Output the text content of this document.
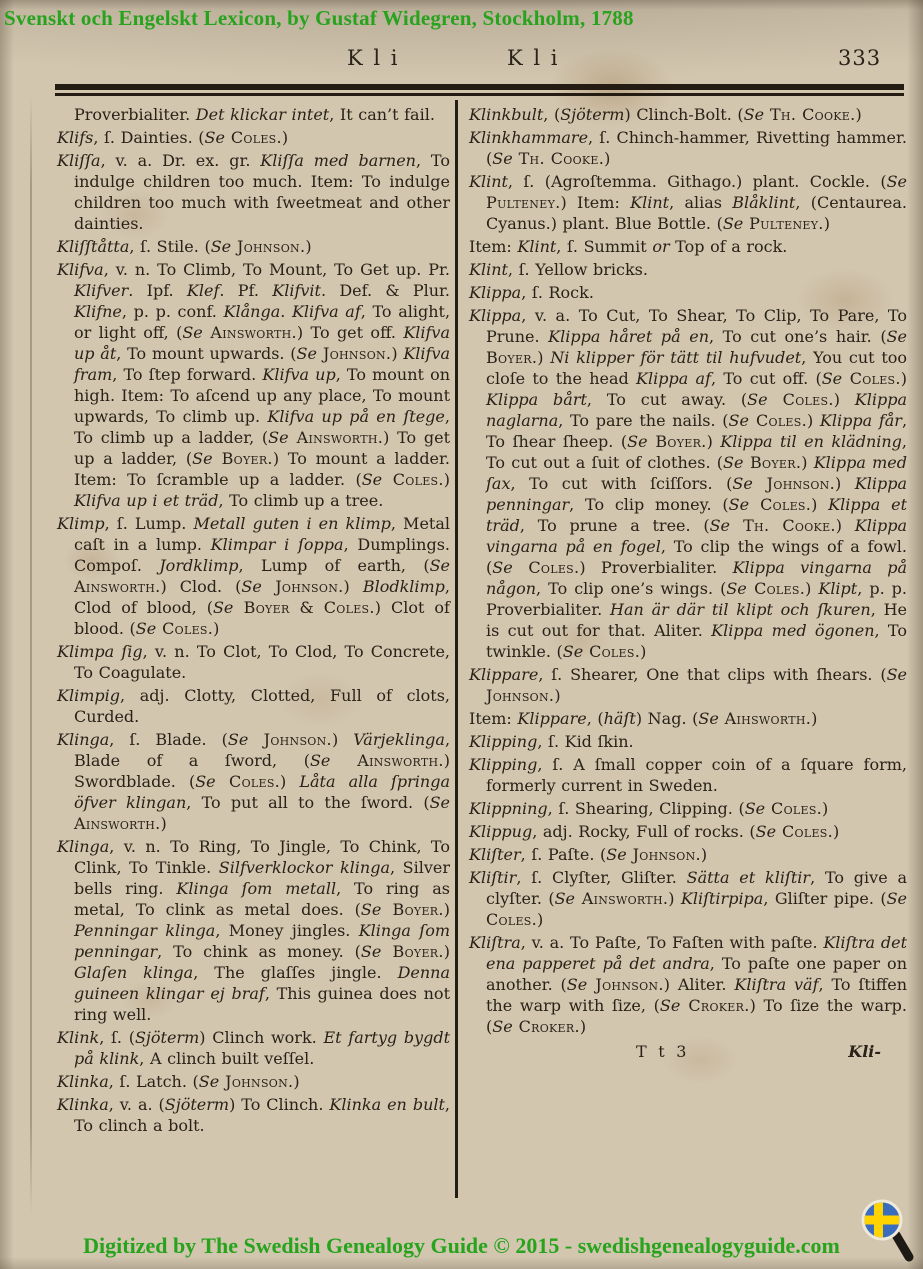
Svenskt och Engelskt Lexicon, by Gustaf Widegren, Stockholm, 1788
K l i	K l i	333

Proverbialiter. Det klickar intet, It can’t fail.

Klifs, ſ. Dainties. (Se Coles.)

Kliſſa, v. a. Dr. ex. gr. Kliſſa med barnen, To indulge children too much. Item: To indulge children too much with ſweetmeat and other dainties.

Kliſſtåtta, ſ. Stile. (Se Johnson.)

Klifva, v. n. To Climb, To Mount, To Get up. Pr. Klifver. Ipf. Klef. Pf. Klifvit. Def. & Plur. Klifne, p. p. conf. Klånga. Klifva af, To alight, or light off, (Se Ainsworth.) To get off. Klifva up åt, To mount upwards. (Se Johnson.) Klifva fram, To ſtep forward. Klifva up, To mount on high. Item: To aſcend up any place, To mount upwards, To climb up. Klifva up på en ſtege, To climb up a ladder, (Se Ainsworth.) To get up a ladder, (Se Boyer.) To mount a ladder. Item: To ſcramble up a ladder. (Se Coles.) Klifva up i et träd, To climb up a tree.

Klimp, ſ. Lump. Metall guten i en klimp, Metal caſt in a lump. Klimpar i ſoppa, Dumplings. Compoſ. Jordklimp, Lump of earth, (Se Ainsworth.) Clod. (Se Johnson.) Blodklimp, Clod of blood, (Se Boyer & Coles.) Clot of blood. (Se Coles.)

Klimpa ſig, v. n. To Clot, To Clod, To Concrete, To Coagulate.

Klimpig, adj. Clotty, Clotted, Full of clots, Curded.

Klinga, ſ. Blade. (Se Johnson.) Värjeklinga, Blade of a ſword, (Se Ainsworth.) Swordblade. (Se Coles.) Låta alla ſpringa öfver klingan, To put all to the ſword. (Se Ainsworth.)

Klinga, v. n. To Ring, To Jingle, To Chink, To Clink, To Tinkle. Silfverklockor klinga, Silver bells ring. Klinga ſom metall, To ring as metal, To clink as metal does. (Se Boyer.) Penningar klinga, Money jingles. Klinga ſom penningar, To chink as money. (Se Boyer.) Glaſen klinga, The glaſſes jingle. Denna guineen klingar ej braf, This guinea does not ring well.

Klink, ſ. (Sjöterm) Clinch work. Et fartyg bygdt på klink, A clinch built veſſel.

Klinka, ſ. Latch. (Se Johnson.)

Klinka, v. a. (Sjöterm) To Clinch. Klinka en bult, To clinch a bolt.

Klinkbult, (Sjöterm) Clinch-Bolt. (Se Th. Cooke.)

Klinkhammare, ſ. Chinch-hammer, Rivetting hammer. (Se Th. Cooke.)

Klint, ſ. (Agroſtemma. Githago.) plant. Cockle. (Se Pulteney.) Item: Klint, alias Blåklint, (Centaurea. Cyanus.) plant. Blue Bottle. (Se Pulteney.)

Item: Klint, ſ. Summit or Top of a rock.

Klint, ſ. Yellow bricks.

Klippa, ſ. Rock.

Klippa, v. a. To Cut, To Shear, To Clip, To Pare, To Prune. Klippa håret på en, To cut one’s hair. (Se Boyer.) Ni klipper för tätt til hufvudet, You cut too cloſe to the head Klippa af, To cut off. (Se Coles.) Klippa bårt, To cut away. (Se Coles.) Klippa naglarna, To pare the nails. (Se Coles.) Klippa får, To ſhear ſheep. (Se Boyer.) Klippa til en klädning, To cut out a ſuit of clothes. (Se Boyer.) Klippa med ſax, To cut with ſciſſors. (Se Johnson.) Klippa penningar, To clip money. (Se Coles.) Klippa et träd, To prune a tree. (Se Th. Cooke.) Klippa vingarna på en fogel, To clip the wings of a fowl. (Se Coles.) Proverbialiter. Klippa vingarna på någon, To clip one’s wings. (Se Coles.) Klipt, p. p. Proverbialiter. Han är där til klipt och ſkuren, He is cut out for that. Aliter. Klippa med ögonen, To twinkle. (Se Coles.)

Klippare, ſ. Shearer, One that clips with ſhears. (Se Johnson.)

Item: Klippare, (häſt) Nag. (Se Aihsworth.)

Klipping, ſ. Kid ſkin.

Klipping, ſ. A ſmall copper coin of a ſquare form, formerly current in Sweden.

Klippning, ſ. Shearing, Clipping. (Se Coles.)

Klippug, adj. Rocky, Full of rocks. (Se Coles.)

Kliſter, ſ. Paſte. (Se Johnson.)

Kliſtir, ſ. Clyſter, Gliſter. Sätta et kliſtir, To give a clyſter. (Se Ainsworth.) Kliſtirpipa, Gliſter pipe. (Se Coles.)

Kliſtra, v. a. To Paſte, To Faſten with paſte. Kliſtra det ena papperet på det andra, To paſte one paper on another. (Se Johnson.) Aliter. Kliſtra väf, To ſtiffen the warp with ſize, (Se Croker.) To ſize the warp. (Se Croker.)

T t 3	Kli-
Digitized by The Swedish Genealogy Guide © 2015 - swedishgenealogyguide.com
